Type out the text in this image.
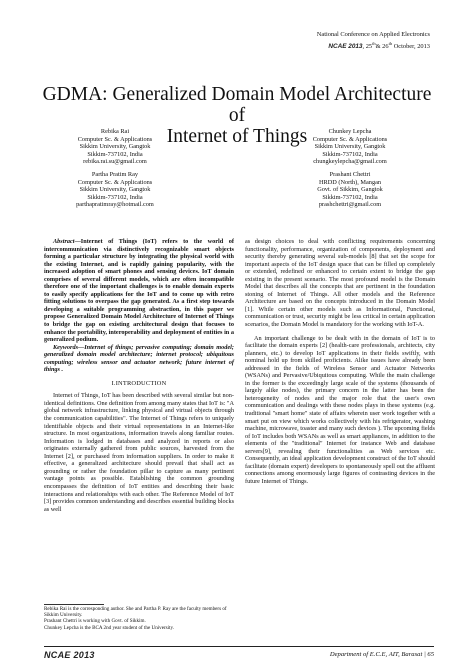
National Conference on Applied Electronics
NCAE 2013, 25th& 26th October, 2013
GDMA: Generalized Domain Model Architecture of
Internet of Things
Rebika Rai
Computer Sc. & Applications
Sikkim University, Gangtok
Sikkim-737102, India
rebika.rai.su@gmail.com
Chunkey Lepcha
Computer Sc. & Applications
Sikkim University, Gangtok
Sikkim-737102, India
chungkeylepcha@gmail.com
Partha Pratim Ray
Computer Sc. & Applications
Sikkim University, Gangtok
Sikkim-737102, India
parthapratimray@hotmail.com
Prashant Chettri
HRDD (North), Mangan
Govt. of Sikkim, Gangtok
Sikkim-737102, India
prashchettri@gmail.com

Abstract—Internet of Things (IoT) refers to the world of intercommunication via distinctively recognizable smart objects forming a particular structure by integrating the physical world with the existing Internet, and is rapidly gaining popularity, with the increased adoption of smart phones and sensing devices. IoT domain comprises of several different models, which are often incompatible therefore one of the important challenges is to enable domain experts to easily specify applications for the IoT and to come up with retro fitting solutions to overpass the gap generated. As a first step towards developing a suitable programming abstraction, in this paper we propose Generalized Domain Model Architecture of Internet of Things to bridge the gap on existing architectural design that focuses to enhance the portability, interoperability and deployment of entities in a generalized podium.

Keywords—Internet of things; pervasive computing; domain model; generalized domain model architecture; internet protocol; ubiquitous computing; wireless sensor and actuator network; future internet of things .

I.INTRODUCTION

Internet of Things, IoT has been described with several similar but non-identical definitions. One definition from among many states that IoT is: "A global network infrastructure, linking physical and virtual objects through the communication capabilities". The Internet of Things refers to uniquely identifiable objects and their virtual representations in an Internet-like structure. In most organizations, information travels along familiar routes. Information is lodged in databases and analyzed in reports or also originates externally gathered from public sources, harvested from the Internet [2], or purchased from information suppliers. In order to make it effective, a generalized architecture should prevail that shall act as grounding or rather the foundation pillar to capture as many pertinent vantage points as possible. Establishing the common grounding encompasses the definition of IoT entities and describing their basic interactions and relationships with each other. The Reference Model of IoT [3] provides common understanding and describes essential building blocks as well

as design choices to deal with conflicting requirements concerning functionality, performance, organization of components, deployment and security thereby generating several sub-models [8] that set the scope for important aspects of the IoT design space that can be filled up completely or extended, redefined or enhanced to certain extent to bridge the gap existing in the present scenario. The most profound model is the Domain Model that describes all the concepts that are pertinent in the foundation stoning of Internet of Things. All other models and the Reference Architecture are based on the concepts introduced in the Domain Model [1]. While certain other models such as Informational, Functional, communication or trust, security might be less critical in certain application scenarios, the Domain Model is mandatory for the working with IoT-A.

An important challenge to be dealt with in the domain of IoT is to facilitate the domain experts [2] (health-care professionals, architects, city planners, etc.) to develop IoT applications in their fields swiftly, with nominal hold up from skilled proficients. Alike issues have already been addressed in the fields of Wireless Sensor and Actuator Networks (WSANs) and Pervasive/Ubiquitous computing. While the main challenge in the former is the exceedingly large scale of the systems (thousands of largely alike nodes), the primary concern in the latter has been the heterogeneity of nodes and the major role that the user's own communication and dealings with these nodes plays in these systems (e.g. traditional "smart home" state of affairs wherein user work together with a smart put on view which works collectively with his refrigerator, washing machine, microwave, toaster and many such devices ). The upcoming fields of IoT includes both WSANs as well as smart appliances, in addition to the elements of the "traditional" Internet for instance Web and database servers[9], revealing their functionalities as Web services etc. Consequently, an ideal application development construct of the IoT should facilitate (domain expert) developers to spontaneously spell out the affluent connections among enormously large figures of contrasting devices in the future Internet of Things.

Rebika Rai is the corresponding author. She and Partha P. Ray are the faculty members of Sikkim University.
Prashant Chettri is working with Govt. of Sikkim.
Chunkey Lepcha is the BCA 2nd year student of the University.
NCAE 2013	Department of E.C.E, AIT, Barasat | 65
